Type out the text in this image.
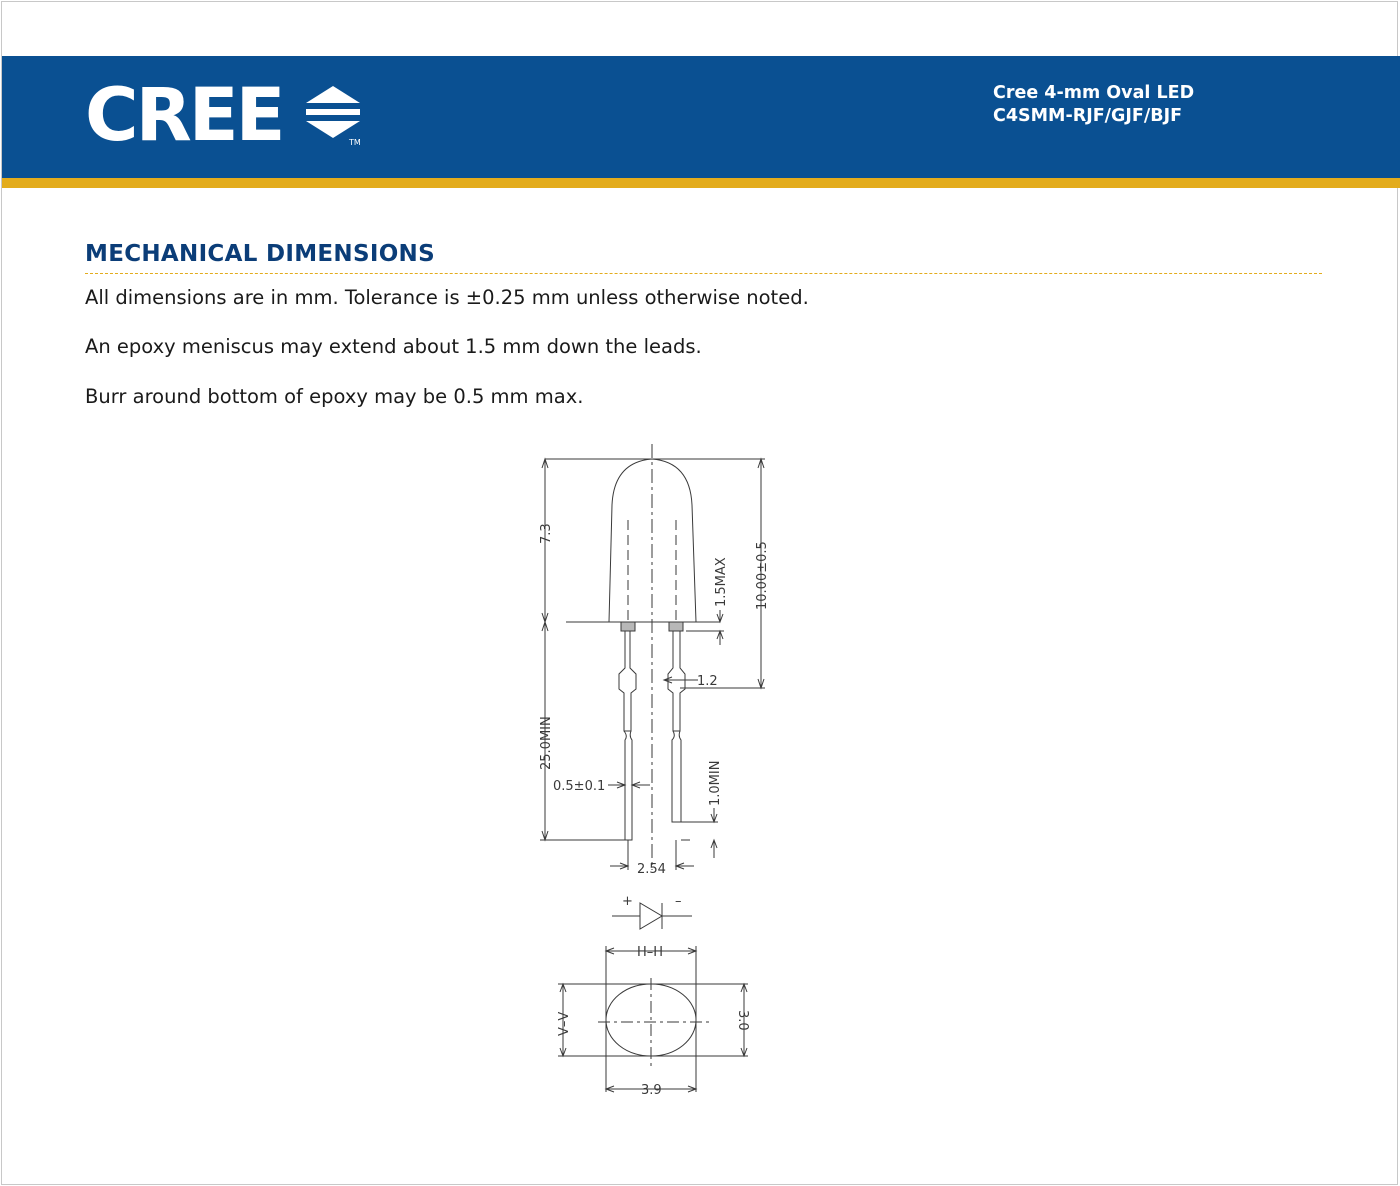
CREE	TM
Cree 4-mm Oval LED
C4SMM-RJF/GJF/BJF
MECHANICAL DIMENSIONS
All dimensions are in mm. Tolerance is ±0.25 mm unless otherwise noted.
An epoxy meniscus may extend about 1.5 mm down the leads.
Burr around bottom of epoxy may be 0.5 mm max.
7.3
10.00±0.5
1.5MAX
1.2
25.0MIN
0.5±0.1	1.0MIN
2.54
+	–
H–H
V–V	3.0
3.9
